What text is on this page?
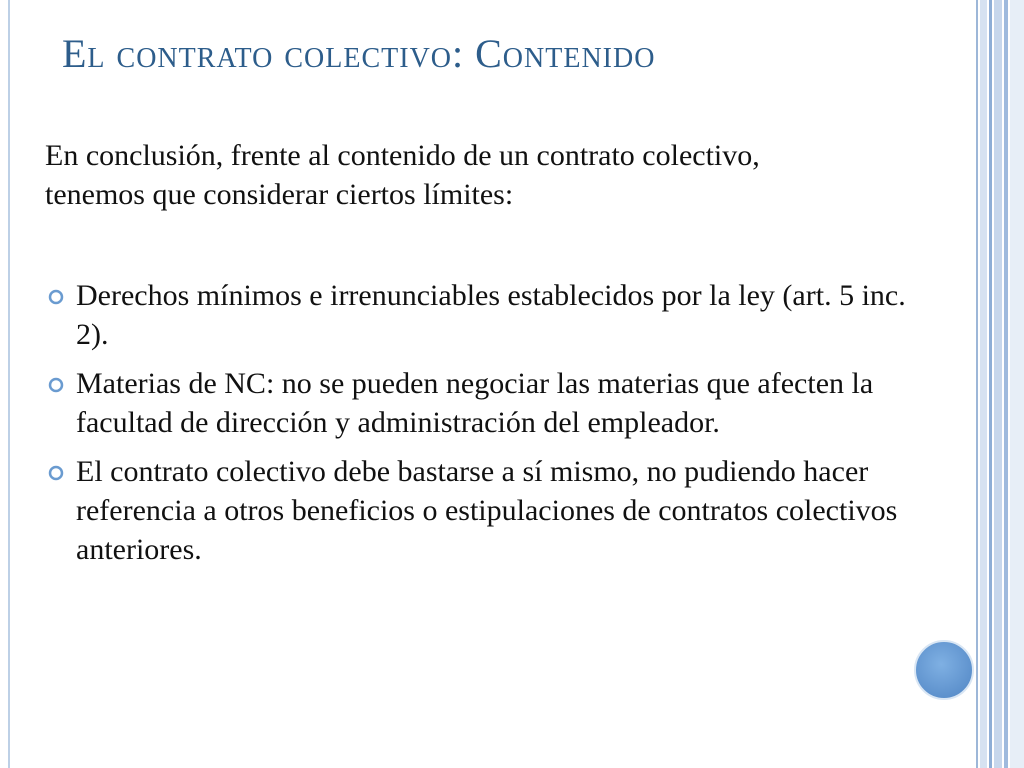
El contrato colectivo: Contenido
En conclusión, frente al contenido de un contrato colectivo, tenemos que considerar ciertos límites:
Derechos mínimos e irrenunciables establecidos por la ley (art. 5 inc. 2).
Materias de NC: no se pueden negociar las materias que afecten la facultad de dirección y administración del empleador.
El contrato colectivo debe bastarse a sí mismo, no pudiendo hacer referencia a otros beneficios o estipulaciones de contratos colectivos anteriores.
